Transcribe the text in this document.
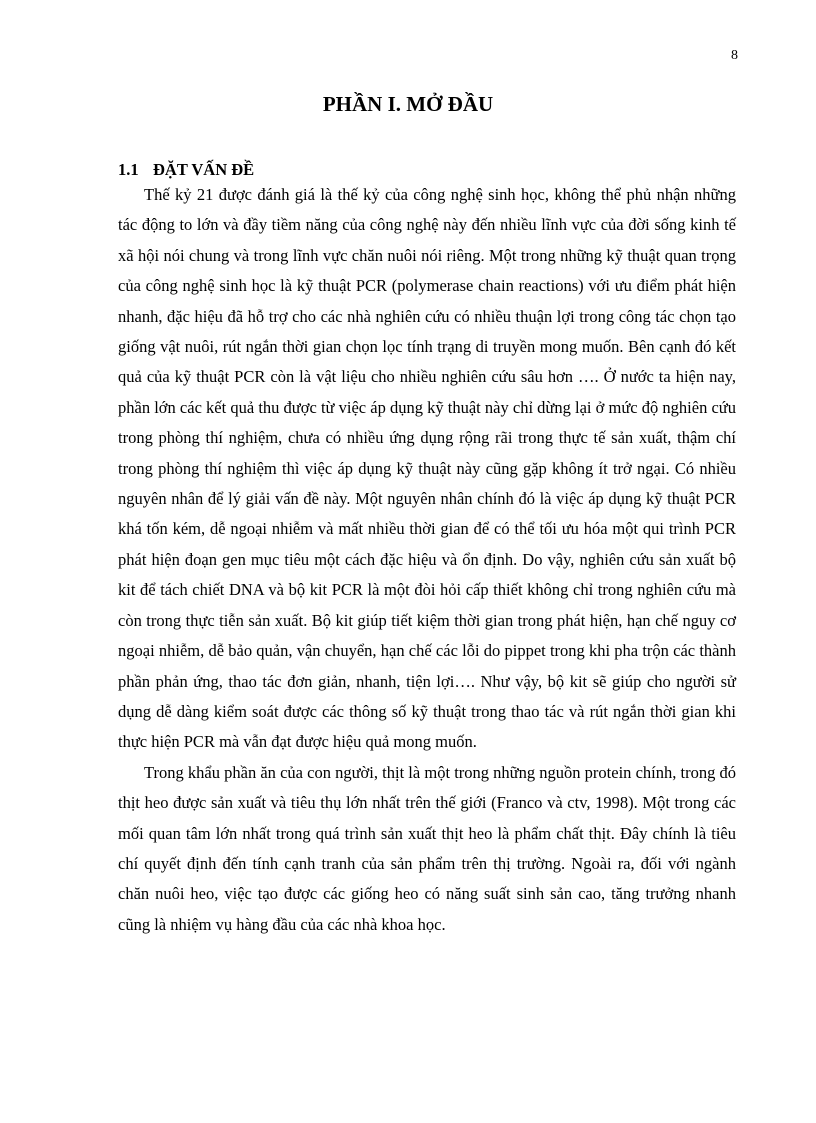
8
PHẦN I. MỞ ĐẦU
1.1 ĐẶT VẤN ĐỀ

Thế kỷ 21 được đánh giá là thế kỷ của công nghệ sinh học, không thể phủ nhận những tác động to lớn và đầy tiềm năng của công nghệ này đến nhiều lĩnh vực của đời sống kinh tế xã hội nói chung và trong lĩnh vực chăn nuôi nói riêng. Một trong những kỹ thuật quan trọng của công nghệ sinh học là kỹ thuật PCR (polymerase chain reactions) với ưu điểm phát hiện nhanh, đặc hiệu đã hỗ trợ cho các nhà nghiên cứu có nhiều thuận lợi trong công tác chọn tạo giống vật nuôi, rút ngắn thời gian chọn lọc tính trạng di truyền mong muốn. Bên cạnh đó kết quả của kỹ thuật PCR còn là vật liệu cho nhiều nghiên cứu sâu hơn …. Ở nước ta hiện nay, phần lớn các kết quả thu được từ việc áp dụng kỹ thuật này chỉ dừng lại ở mức độ nghiên cứu trong phòng thí nghiệm, chưa có nhiều ứng dụng rộng rãi trong thực tế sản xuất, thậm chí trong phòng thí nghiệm thì việc áp dụng kỹ thuật này cũng gặp không ít trở ngại. Có nhiều nguyên nhân để lý giải vấn đề này. Một nguyên nhân chính đó là việc áp dụng kỹ thuật PCR khá tốn kém, dễ ngoại nhiễm và mất nhiều thời gian để có thể tối ưu hóa một qui trình PCR phát hiện đoạn gen mục tiêu một cách đặc hiệu và ổn định. Do vậy, nghiên cứu sản xuất bộ kit để tách chiết DNA và bộ kit PCR là một đòi hỏi cấp thiết không chỉ trong nghiên cứu mà còn trong thực tiễn sản xuất. Bộ kit giúp tiết kiệm thời gian trong phát hiện, hạn chế nguy cơ ngoại nhiễm, dễ bảo quản, vận chuyển, hạn chế các lỗi do pippet trong khi pha trộn các thành phần phản ứng, thao tác đơn giản, nhanh, tiện lợi…. Như vậy, bộ kit sẽ giúp cho người sử dụng dễ dàng kiểm soát được các thông số kỹ thuật trong thao tác và rút ngắn thời gian khi thực hiện PCR mà vẫn đạt được hiệu quả mong muốn.

Trong khẩu phần ăn của con người, thịt là một trong những nguồn protein chính, trong đó thịt heo được sản xuất và tiêu thụ lớn nhất trên thế giới (Franco và ctv, 1998). Một trong các mối quan tâm lớn nhất trong quá trình sản xuất thịt heo là phẩm chất thịt. Đây chính là tiêu chí quyết định đến tính cạnh tranh của sản phẩm trên thị trường. Ngoài ra, đối với ngành chăn nuôi heo, việc tạo được các giống heo có năng suất sinh sản cao, tăng trưởng nhanh cũng là nhiệm vụ hàng đầu của các nhà khoa học.
